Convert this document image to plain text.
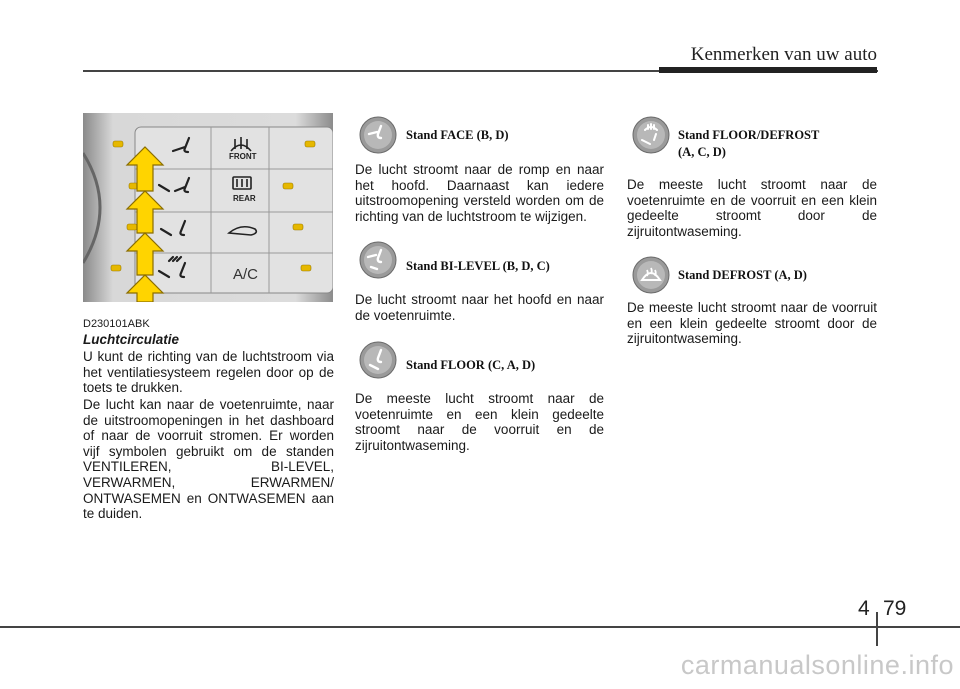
Kenmerken van uw auto
FRONT
REAR
A/C
D230101ABK
Luchtcirculatie

U kunt de richting van de luchtstroom via het ventilatiesysteem regelen door op de toets te drukken.

De lucht kan naar de voetenruimte, naar de uitstroomopeningen in het dashboard of naar de voorruit stromen. Er worden vijf symbolen gebruikt om de standen VENTILEREN, BI-LEVEL, VERWARMEN, ERWARMEN/ ONTWASEMEN en ONTWASEMEN aan te duiden.

Stand FACE (B, D)

De lucht stroomt naar de romp en naar het hoofd. Daarnaast kan iedere uitstroomopening versteld worden om de richting van de luchtstroom te wijzigen.

Stand BI-LEVEL (B, D, C)

De lucht stroomt naar het hoofd en naar de voetenruimte.

Stand FLOOR (C, A, D)

De meeste lucht stroomt naar de voetenruimte en een klein gedeelte stroomt naar de voorruit en de zijruitontwaseming.

Stand FLOOR/DEFROST
(A, C, D)

De meeste lucht stroomt naar de voetenruimte en de voorruit en een klein gedeelte stroomt door de zijruitontwaseming.

Stand DEFROST (A, D)

De meeste lucht stroomt naar de voorruit en een klein gedeelte stroomt door de zijruitontwaseming.

4 79
carmanualsonline.info
